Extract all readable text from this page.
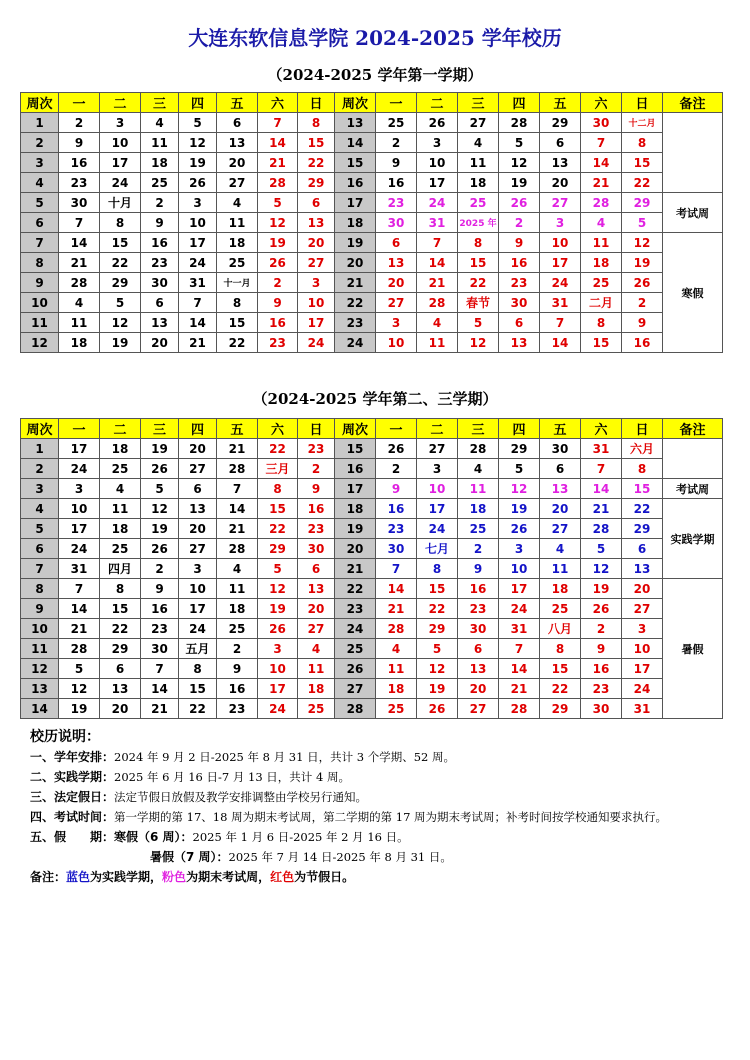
大连东软信息学院 2024-2025 学年校历
（2024-2025 学年第一学期）
周次	一	二	三	四	五	六	日	周次	一	二	三	四	五	六	日	备注
1	2	3	4	5	6	7	8	13	25	26	27	28	29	30	十二月	
2	9	10	11	12	13	14	15	14	2	3	4	5	6	7	8	
3	16	17	18	19	20	21	22	15	9	10	11	12	13	14	15	
4	23	24	25	26	27	28	29	16	16	17	18	19	20	21	22	
5	30	十月	2	3	4	5	6	17	23	24	25	26	27	28	29	考试周
6	7	8	9	10	11	12	13	18	30	31	2025 年	2	3	4	5	
7	14	15	16	17	18	19	20	19	6	7	8	9	10	11	12	寒假
8	21	22	23	24	25	26	27	20	13	14	15	16	17	18	19	
9	28	29	30	31	十一月	2	3	21	20	21	22	23	24	25	26	
10	4	5	6	7	8	9	10	22	27	28	春节	30	31	二月	2	
11	11	12	13	14	15	16	17	23	3	4	5	6	7	8	9	
12	18	19	20	21	22	23	24	24	10	11	12	13	14	15	16	
（2024-2025 学年第二、三学期）
周次	一	二	三	四	五	六	日	周次	一	二	三	四	五	六	日	备注
1	17	18	19	20	21	22	23	15	26	27	28	29	30	31	六月	
2	24	25	26	27	28	三月	2	16	2	3	4	5	6	7	8	
3	3	4	5	6	7	8	9	17	9	10	11	12	13	14	15	考试周
4	10	11	12	13	14	15	16	18	16	17	18	19	20	21	22	实践学期
5	17	18	19	20	21	22	23	19	23	24	25	26	27	28	29	
6	24	25	26	27	28	29	30	20	30	七月	2	3	4	5	6	
7	31	四月	2	3	4	5	6	21	7	8	9	10	11	12	13	
8	7	8	9	10	11	12	13	22	14	15	16	17	18	19	20	暑假
9	14	15	16	17	18	19	20	23	21	22	23	24	25	26	27	
10	21	22	23	24	25	26	27	24	28	29	30	31	八月	2	3	
11	28	29	30	五月	2	3	4	25	4	5	6	7	8	9	10	
12	5	6	7	8	9	10	11	26	11	12	13	14	15	16	17	
13	12	13	14	15	16	17	18	27	18	19	20	21	22	23	24	
14	19	20	21	22	23	24	25	28	25	26	27	28	29	30	31	
校历说明：
一、学年安排：2024 年 9 月 2 日-2025 年 8 月 31 日，共计 3 个学期、52 周。
二、实践学期：2025 年 6 月 16 日-7 月 13 日，共计 4 周。
三、法定假日：法定节假日放假及教学安排调整由学校另行通知。
四、考试时间：第一学期的第 17、18 周为期末考试周，第二学期的第 17 周为期末考试周；补考时间按学校通知要求执行。
五、假　　期：寒假（6 周）：2025 年 1 月 6 日-2025 年 2 月 16 日。
暑假（7 周）：2025 年 7 月 14 日-2025 年 8 月 31 日。
备注：蓝色为实践学期，粉色为期末考试周，红色为节假日。
